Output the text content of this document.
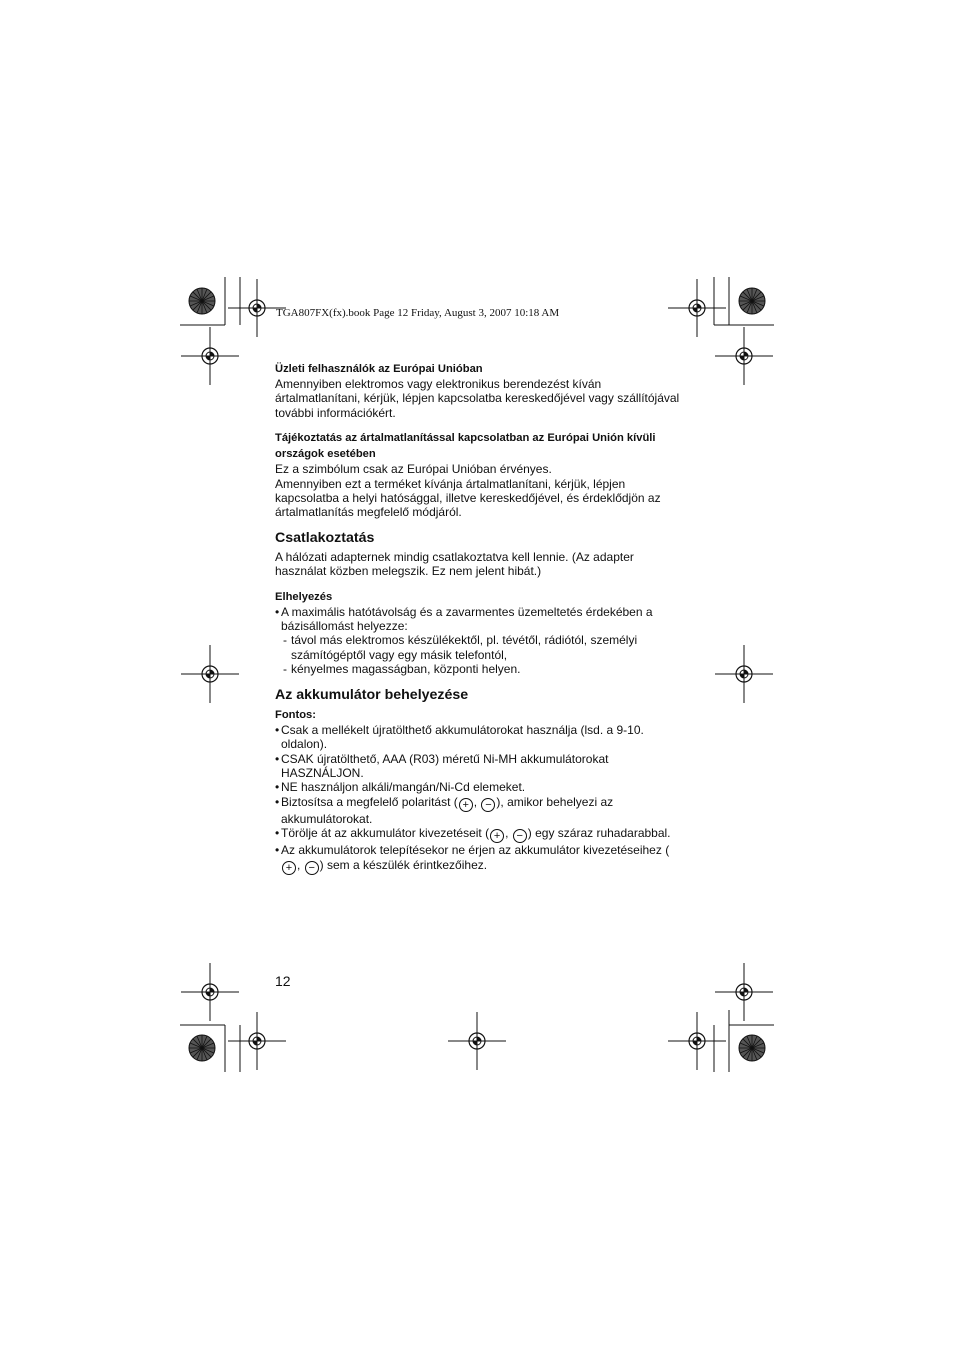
TGA807FX(fx).book Page 12 Friday, August 3, 2007 10:18 AM
Üzleti felhasználók az Európai Unióban

Amennyiben elektromos vagy elektronikus berendezést kíván ártalmatlanítani, kérjük, lépjen kapcsolatba kereskedőjével vagy szállítójával további információkért.

Tájékoztatás az ártalmatlanítással kapcsolatban az Európai Unión kívüli országok esetében

Ez a szimbólum csak az Európai Unióban érvényes.

Amennyiben ezt a terméket kívánja ártalmatlanítani, kérjük, lépjen kapcsolatba a helyi hatósággal, illetve kereskedőjével, és érdeklődjön az ártalmatlanítás megfelelő módjáról.

Csatlakoztatás

A hálózati adapternek mindig csatlakoztatva kell lennie. (Az adapter használat közben melegszik. Ez nem jelent hibát.)

Elhelyezés
• A maximális hatótávolság és a zavarmentes üzemeltetés érdekében a bázisállomást helyezze:
- távol más elektromos készülékektől, pl. tévétől, rádiótól, személyi számítógéptől vagy egy másik telefontól,
- kényelmes magasságban, központi helyen.
Az akkumulátor behelyezése
Fontos:
• Csak a mellékelt újratölthető akkumulátorokat használja (lsd. a 9-10. oldalon).
• CSAK újratölthető, AAA (R03) méretű Ni-MH akkumulátorokat HASZNÁLJON.
• NE használjon alkáli/mangán/Ni-Cd elemeket.
• Biztosítsa a megfelelő polaritást ( + , − ), amikor behelyezi az akkumulátorokat.
• Törölje át az akkumulátor kivezetéseit ( + , − ) egy száraz ruhadarabbal.
• Az akkumulátorok telepítésekor ne érjen az akkumulátor kivezetéseihez (+ , − ) sem a készülék érintkezőihez.
12
